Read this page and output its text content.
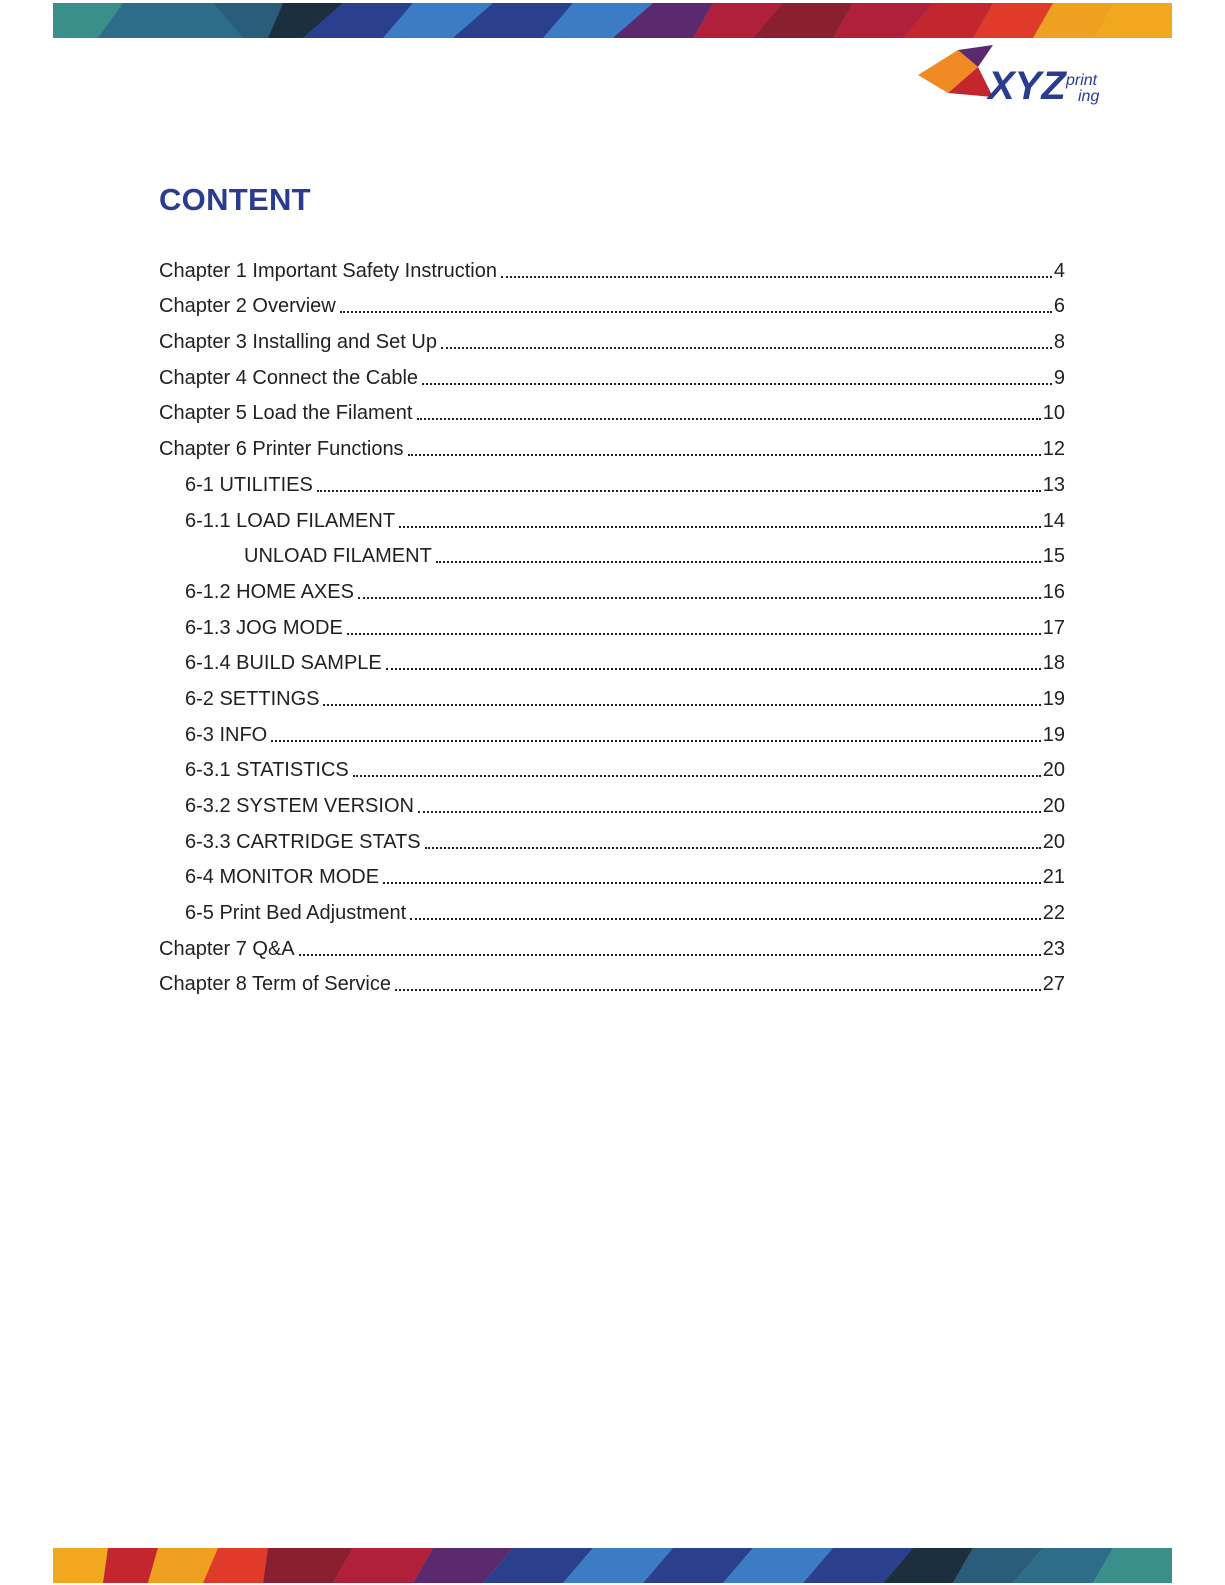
XYZ print
ing
CONTENT
Chapter 1 Important Safety Instruction	4
Chapter 2 Overview	6
Chapter 3 Installing and Set Up	8
Chapter 4 Connect the Cable	9
Chapter 5 Load the Filament	10
Chapter 6 Printer Functions	12
6-1 UTILITIES	13
6-1.1 LOAD FILAMENT	14
UNLOAD FILAMENT	15
6-1.2 HOME AXES	16
6-1.3 JOG MODE	17
6-1.4 BUILD SAMPLE	18
6-2 SETTINGS	19
6-3 INFO	19
6-3.1 STATISTICS	20
6-3.2 SYSTEM VERSION	20
6-3.3 CARTRIDGE STATS	20
6-4 MONITOR MODE	21
6-5 Print Bed Adjustment	22
Chapter 7 Q&A	23
Chapter 8 Term of Service	27
